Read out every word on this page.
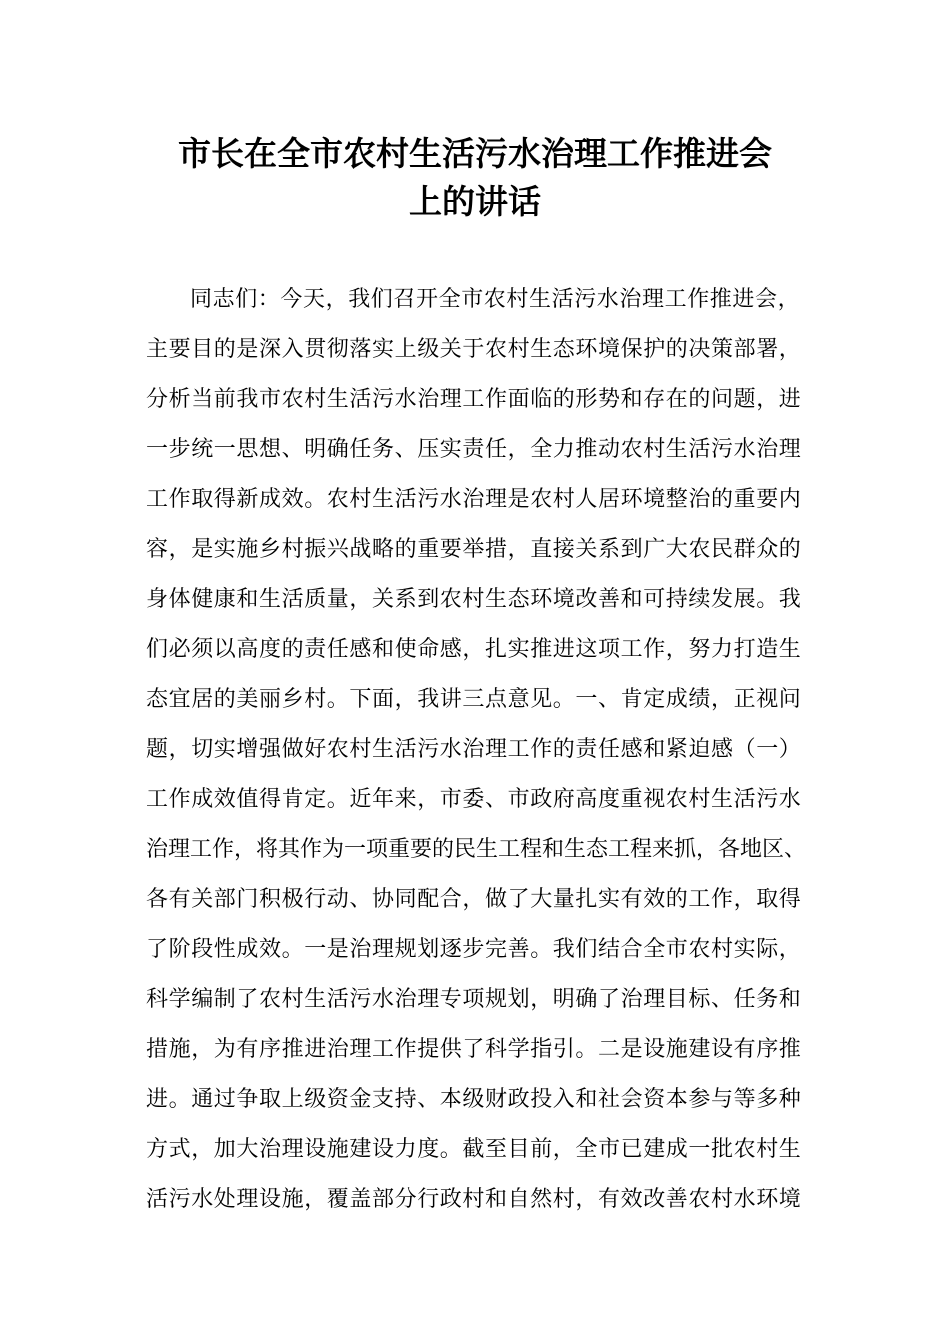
市长在全市农村生活污水治理工作推进会
上的讲话
同志们：今天，我们召开全市农村生活污水治理工作推进会，
主要目的是深入贯彻落实上级关于农村生态环境保护的决策部署，
分析当前我市农村生活污水治理工作面临的形势和存在的问题，进
一步统一思想、明确任务、压实责任，全力推动农村生活污水治理
工作取得新成效。农村生活污水治理是农村人居环境整治的重要内
容，是实施乡村振兴战略的重要举措，直接关系到广大农民群众的
身体健康和生活质量，关系到农村生态环境改善和可持续发展。我
们必须以高度的责任感和使命感，扎实推进这项工作，努力打造生
态宜居的美丽乡村。下面，我讲三点意见。一、肯定成绩，正视问
题，切实增强做好农村生活污水治理工作的责任感和紧迫感（一）
工作成效值得肯定。近年来，市委、市政府高度重视农村生活污水
治理工作，将其作为一项重要的民生工程和生态工程来抓，各地区、
各有关部门积极行动、协同配合，做了大量扎实有效的工作，取得
了阶段性成效。一是治理规划逐步完善。我们结合全市农村实际，
科学编制了农村生活污水治理专项规划，明确了治理目标、任务和
措施，为有序推进治理工作提供了科学指引。二是设施建设有序推
进。通过争取上级资金支持、本级财政投入和社会资本参与等多种
方式，加大治理设施建设力度。截至目前，全市已建成一批农村生
活污水处理设施，覆盖部分行政村和自然村，有效改善农村水环境
